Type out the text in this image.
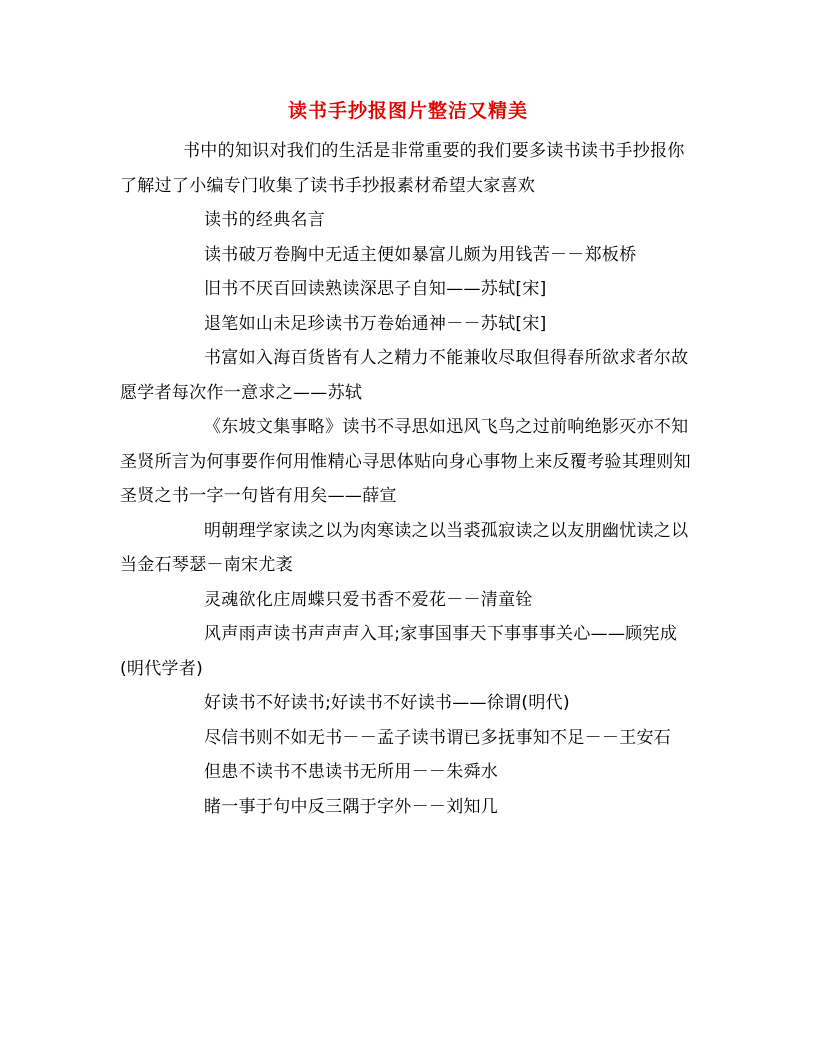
读书手抄报图片整洁又精美

书中的知识对我们的生活是非常重要的我们要多读书读书手抄报你了解过了小编专门收集了读书手抄报素材希望大家喜欢

读书的经典名言

读书破万卷胸中无适主便如暴富儿颇为用钱苦－－郑板桥

旧书不厌百回读熟读深思子自知——苏轼[宋]

退笔如山未足珍读书万卷始通神－－苏轼[宋]

书富如入海百货皆有人之精力不能兼收尽取但得春所欲求者尔故愿学者每次作一意求之——苏轼

《东坡文集事略》读书不寻思如迅风飞鸟之过前响绝影灭亦不知圣贤所言为何事要作何用惟精心寻思体贴向身心事物上来反覆考验其理则知圣贤之书一字一句皆有用矣——薛宣

明朝理学家读之以为肉寒读之以当裘孤寂读之以友朋幽忧读之以当金石琴瑟－南宋尤袤

灵魂欲化庄周蝶只爱书香不爱花－－清童铨

风声雨声读书声声声入耳;家事国事天下事事事关心——顾宪成(明代学者)

好读书不好读书;好读书不好读书——徐谓(明代)

尽信书则不如无书－－孟子读书谓已多抚事知不足－－王安石

但患不读书不患读书无所用－－朱舜水

睹一事于句中反三隅于字外－－刘知几
